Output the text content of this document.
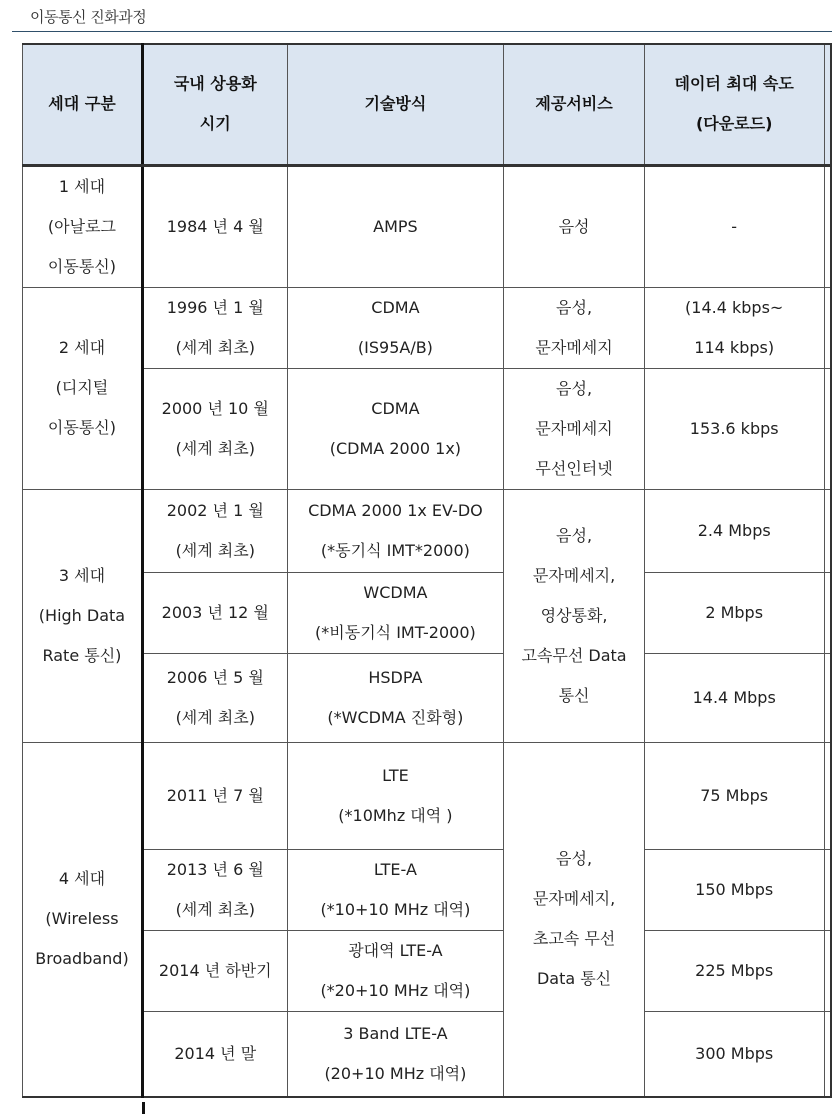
이동통신 진화과정
세대 구분	국내 상용화
시기	기술방식	제공서비스	데이터 최대 속도
(다운로드)	

1 세대
(아날로그
이동통신)	1984 년 4 월	AMPS	음성	-	

2 세대
(디지털
이동통신)	1996 년 1 월
(세계 최초)	CDMA
(IS95A/B)	음성,
문자메세지	(14.4 kbps~
114 kbps)	

	2000 년 10 월
(세계 최초)	CDMA
(CDMA 2000 1x)	음성,
문자메세지
무선인터넷	153.6 kbps	

3 세대
(High Data
Rate 통신)	2002 년 1 월
(세계 최초)	CDMA 2000 1x EV-DO
(*동기식 IMT*2000)	음성,
문자메세지,
영상통화,
고속무선 Data
통신	2.4 Mbps	

	2003 년 12 월	WCDMA
(*비동기식 IMT-2000)		2 Mbps	

	2006 년 5 월
(세계 최초)	HSDPA
(*WCDMA 진화형)		14.4 Mbps	

4 세대
(Wireless
Broadband)	2011 년 7 월	LTE
(*10Mhz 대역 )	음성,
문자메세지,
초고속 무선
Data 통신	75 Mbps	

	2013 년 6 월
(세계 최초)	LTE-A
(*10+10 MHz 대역)		150 Mbps	

	2014 년 하반기	광대역 LTE-A
(*20+10 MHz 대역)		225 Mbps	

	2014 년 말	3 Band LTE-A
(20+10 MHz 대역)		300 Mbps	
